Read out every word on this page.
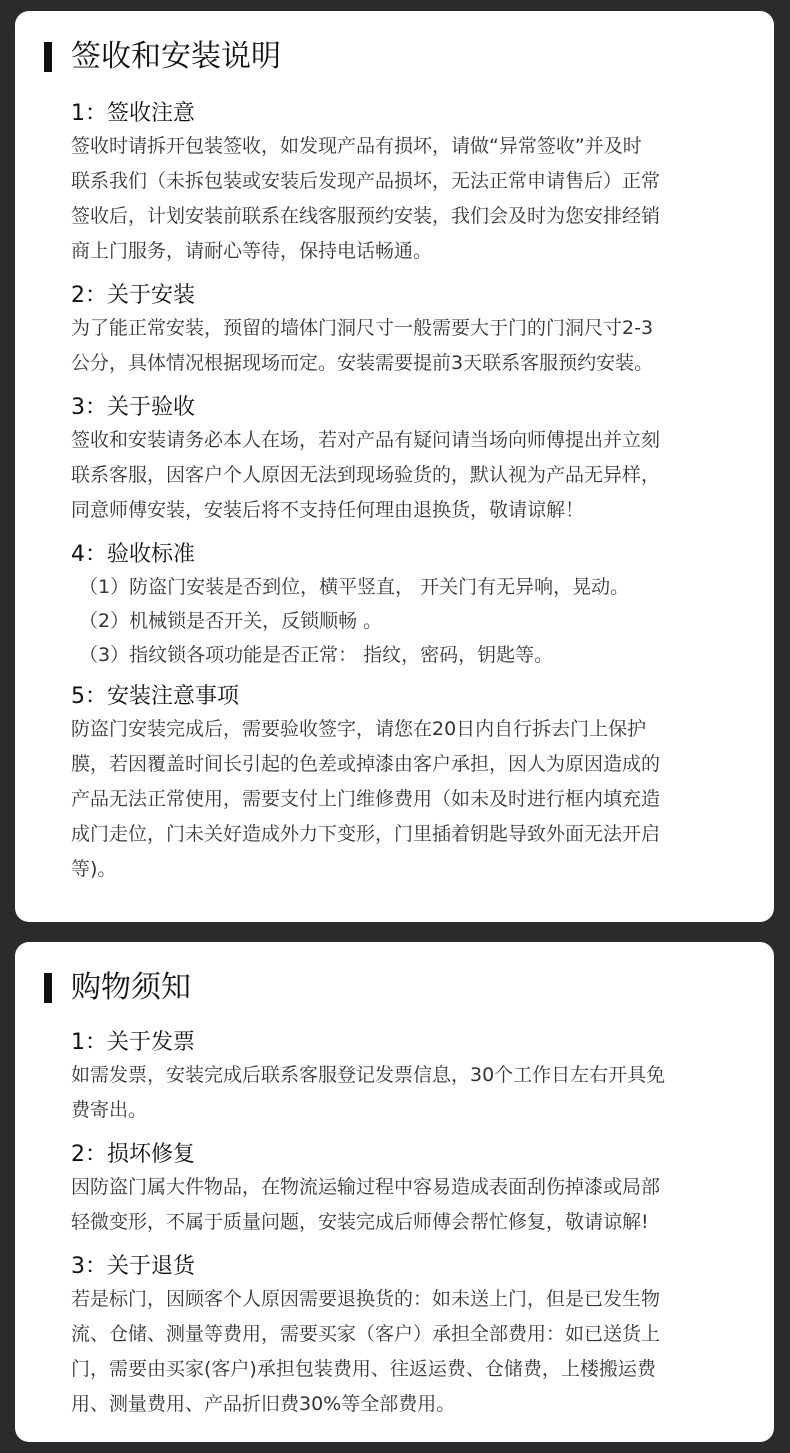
签收和安装说明
1：签收注意

签收时请拆开包装签收，如发现产品有损坏，请做“异常签收”并及时

联系我们（未拆包装或安装后发现产品损坏，无法正常申请售后）正常

签收后，计划安装前联系在线客服预约安装，我们会及时为您安排经销

商上门服务，请耐心等待，保持电话畅通。

2：关于安装

为了能正常安装，预留的墙体门洞尺寸一般需要大于门的门洞尺寸2-3

公分，具体情况根据现场而定。安装需要提前3天联系客服预约安装。

3：关于验收

签收和安装请务必本人在场，若对产品有疑问请当场向师傅提出并立刻

联系客服，因客户个人原因无法到现场验货的，默认视为产品无异样，

同意师傅安装，安装后将不支持任何理由退换货，敬请谅解！

4：验收标准

（1）防盗门安装是否到位，横平竖直， 开关门有无异响，晃动。

（2）机械锁是否开关，反锁顺畅 。

（3）指纹锁各项功能是否正常： 指纹，密码，钥匙等。

5：安装注意事项

防盗门安装完成后，需要验收签字，请您在20日内自行拆去门上保护

膜，若因覆盖时间长引起的色差或掉漆由客户承担，因人为原因造成的

产品无法正常使用，需要支付上门维修费用（如未及时进行框内填充造

成门走位，门未关好造成外力下变形，门里插着钥匙导致外面无法开启

等)。

购物须知
1：关于发票

如需发票，安装完成后联系客服登记发票信息，30个工作日左右开具免

费寄出。

2：损坏修复

因防盗门属大件物品，在物流运输过程中容易造成表面刮伤掉漆或局部

轻微变形，不属于质量问题，安装完成后师傅会帮忙修复，敬请谅解!

3：关于退货

若是标门，因顾客个人原因需要退换货的：如未送上门，但是已发生物

流、仓储、测量等费用，需要买家（客户）承担全部费用：如已送货上

门，需要由买家(客户)承担包装费用、往返运费、仓储费，上楼搬运费

用、测量费用、产品折旧费30%等全部费用。
